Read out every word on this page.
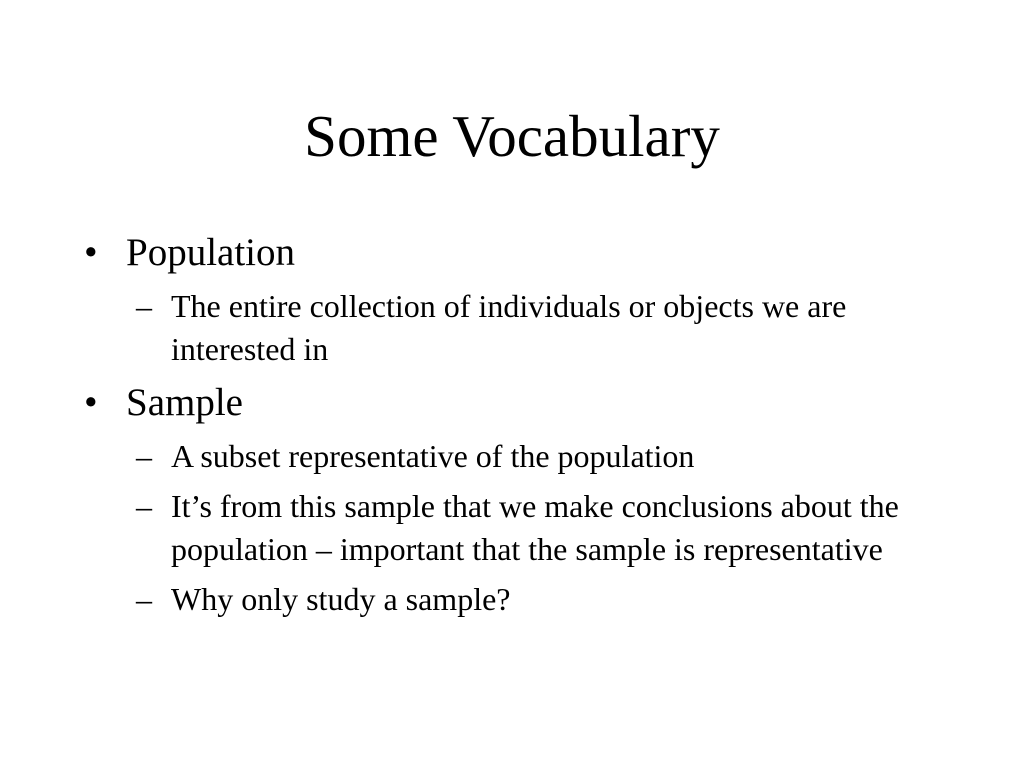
Some Vocabulary
• Population
– The entire collection of individuals or objects we are interested in
• Sample
– A subset representative of the population
– It’s from this sample that we make conclusions about the population – important that the sample is representative
– Why only study a sample?
